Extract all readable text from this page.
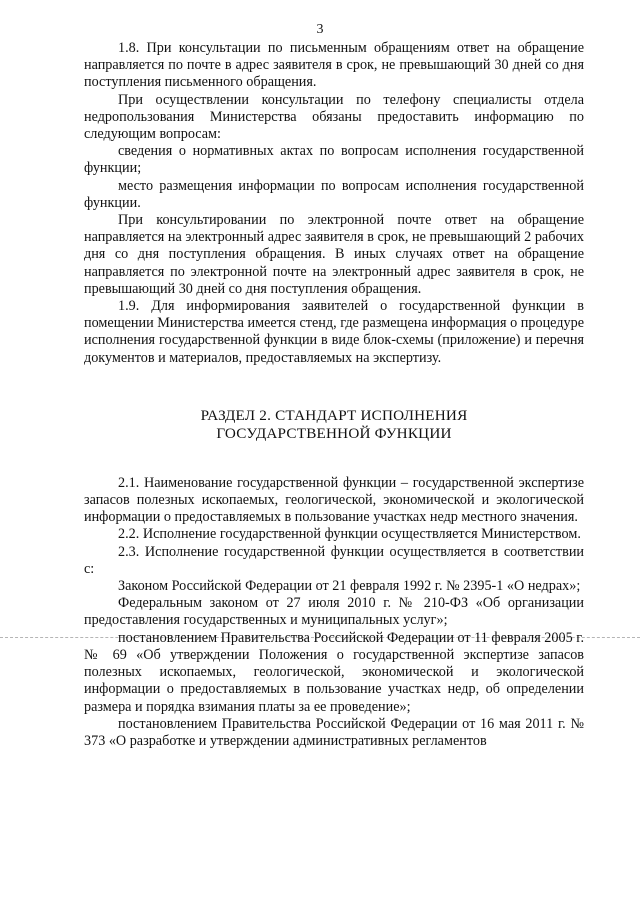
3

1.8. При консультации по письменным обращениям ответ на обращение направляется по почте в адрес заявителя в срок, не превышающий 30 дней со дня поступления письменного обращения.

При осуществлении консультации по телефону специалисты отдела недропользования Министерства обязаны предоставить информацию по следующим вопросам:

сведения о нормативных актах по вопросам исполнения государственной функции;

место размещения информации по вопросам исполнения государственной функции.

При консультировании по электронной почте ответ на обращение направляется на электронный адрес заявителя в срок, не превышающий 2 рабочих дня со дня поступления обращения. В иных случаях ответ на обращение направляется по электронной почте на электронный адрес заявителя в срок, не превышающий 30 дней со дня поступления обращения.

1.9. Для информирования заявителей о государственной функции в помещении Министерства имеется стенд, где размещена информация о процедуре исполнения государственной функции в виде блок-схемы (приложение) и перечня документов и материалов, предоставляемых на экспертизу.

РАЗДЕЛ 2. СТАНДАРТ ИСПОЛНЕНИЯ
ГОСУДАРСТВЕННОЙ ФУНКЦИИ

2.1. Наименование государственной функции – государственной экспертизе запасов полезных ископаемых, геологической, экономической и экологической информации о предоставляемых в пользование участках недр местного значения.

2.2. Исполнение государственной функции осуществляется Министерством.

2.3. Исполнение государственной функции осуществляется в соответствии с:

Законом Российской Федерации от 21 февраля 1992 г. № 2395-1 «О недрах»;

Федеральным законом от 27 июля 2010 г. № 210-ФЗ «Об организации предоставления государственных и муниципальных услуг»;

постановлением Правительства Российской Федерации от 11 февраля 2005 г. № 69 «Об утверждении Положения о государственной экспертизе запасов полезных ископаемых, геологической, экономической и экологической информации о предоставляемых в пользование участках недр, об определении размера и порядка взимания платы за ее проведение»;

постановлением Правительства Российской Федерации от 16 мая 2011 г. № 373 «О разработке и утверждении административных регламентов
